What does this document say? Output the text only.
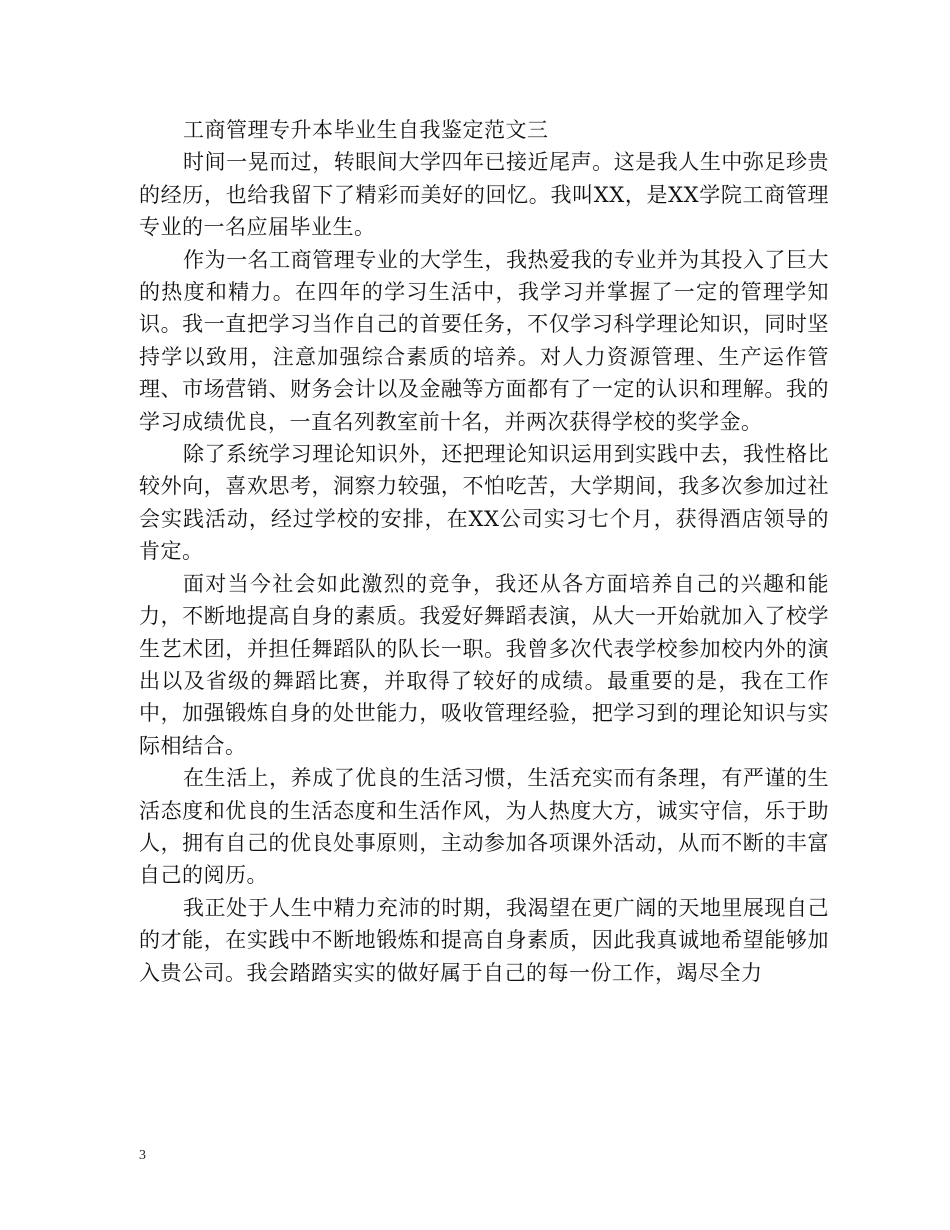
工商管理专升本毕业生自我鉴定范文三

时间一晃而过，转眼间大学四年已接近尾声。这是我人生中弥足珍贵的经历，也给我留下了精彩而美好的回忆。我叫XX，是XX学院工商管理专业的一名应届毕业生。

作为一名工商管理专业的大学生，我热爱我的专业并为其投入了巨大的热度和精力。在四年的学习生活中，我学习并掌握了一定的管理学知识。我一直把学习当作自己的首要任务，不仅学习科学理论知识，同时坚持学以致用，注意加强综合素质的培养。对人力资源管理、生产运作管理、市场营销、财务会计以及金融等方面都有了一定的认识和理解。我的学习成绩优良，一直名列教室前十名，并两次获得学校的奖学金。

除了系统学习理论知识外，还把理论知识运用到实践中去，我性格比较外向，喜欢思考，洞察力较强，不怕吃苦，大学期间，我多次参加过社会实践活动，经过学校的安排，在XX公司实习七个月，获得酒店领导的肯定。

面对当今社会如此激烈的竞争，我还从各方面培养自己的兴趣和能力，不断地提高自身的素质。我爱好舞蹈表演，从大一开始就加入了校学生艺术团，并担任舞蹈队的队长一职。我曾多次代表学校参加校内外的演出以及省级的舞蹈比赛，并取得了较好的成绩。最重要的是，我在工作中，加强锻炼自身的处世能力，吸收管理经验，把学习到的理论知识与实际相结合。

在生活上，养成了优良的生活习惯，生活充实而有条理，有严谨的生活态度和优良的生活态度和生活作风，为人热度大方，诚实守信，乐于助人，拥有自己的优良处事原则，主动参加各项课外活动，从而不断的丰富自己的阅历。

我正处于人生中精力充沛的时期，我渴望在更广阔的天地里展现自己的才能，在实践中不断地锻炼和提高自身素质，因此我真诚地希望能够加入贵公司。我会踏踏实实的做好属于自己的每一份工作，竭尽全力

3
